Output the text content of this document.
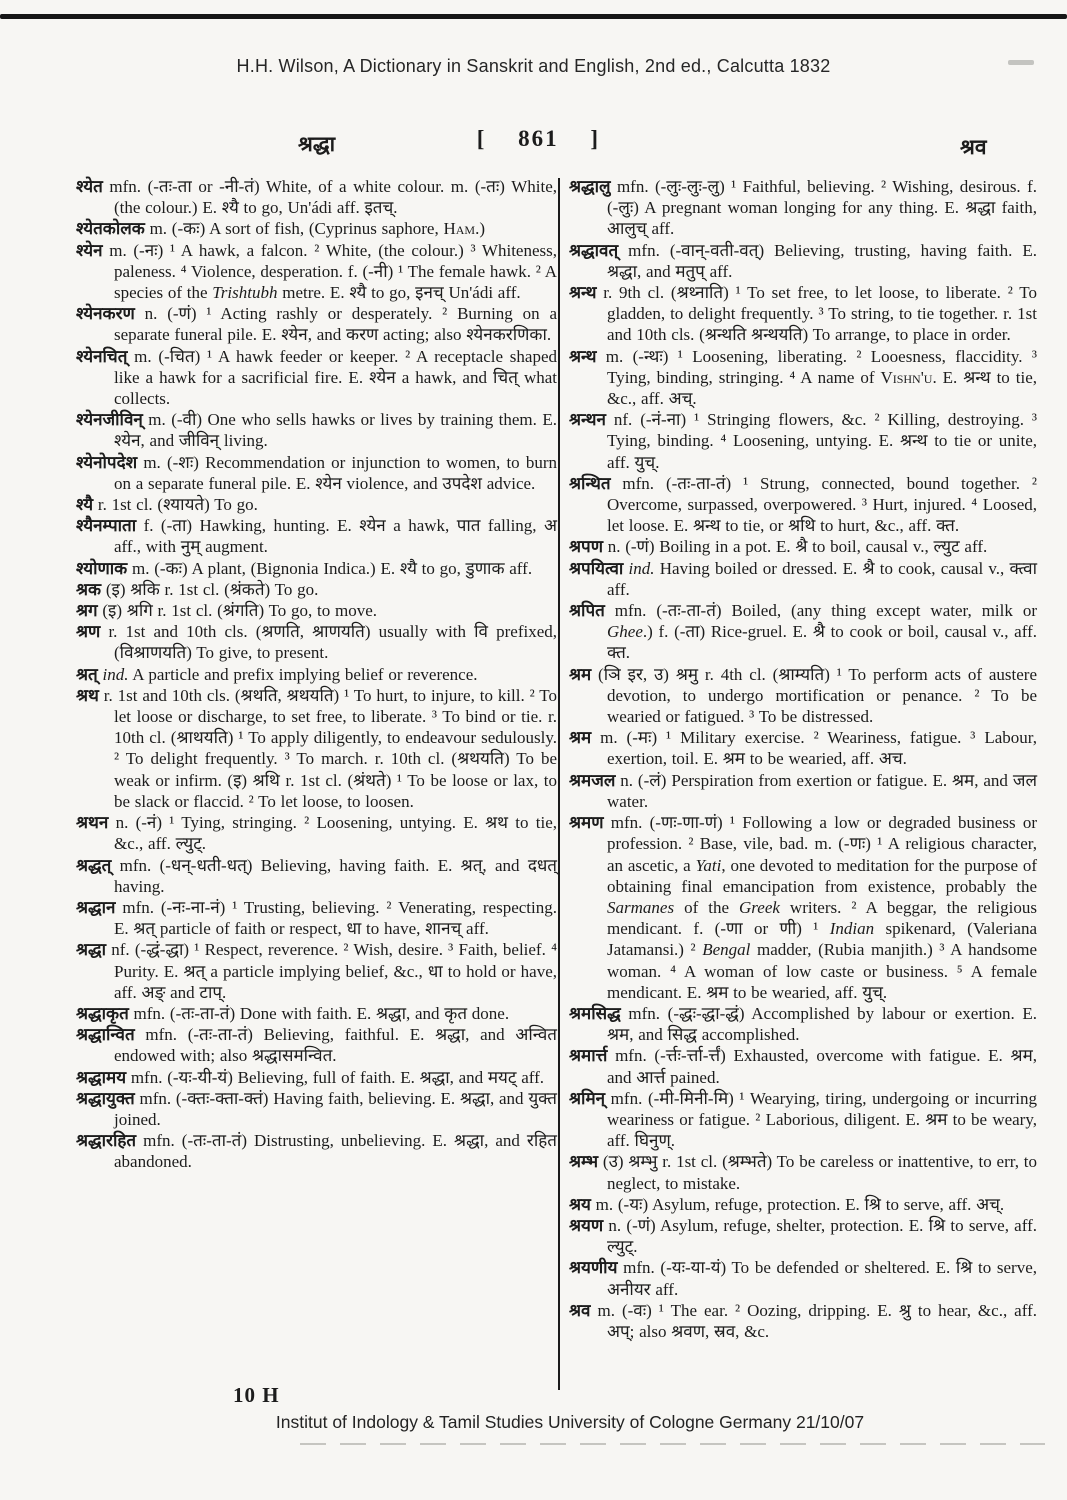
H.H. Wilson, A Dictionary in Sanskrit and English, 2nd ed., Calcutta 1832
श्रद्धा	[ 861 ]	श्रव

श्येत mfn. (-तः-ता or -नी-तं) White, of a white colour. m. (-तः) White, (the colour.) E. श्यै to go, Un'ádi aff. इतच्.

श्येतकोलक m. (-कः) A sort of fish, (Cyprinus saphore, Ham.)

श्येन m. (-नः) ¹ A hawk, a falcon. ² White, (the colour.) ³ Whiteness, paleness. ⁴ Violence, desperation. f. (-नी) ¹ The female hawk. ² A species of the Trishtubh metre. E. श्यै to go, इनच् Un'ádi aff.

श्येनकरण n. (-णं) ¹ Acting rashly or desperately. ² Burning on a separate funeral pile. E. श्येन, and करण acting; also श्येनकरणिका.

श्येनचित् m. (-चित) ¹ A hawk feeder or keeper. ² A receptacle shaped like a hawk for a sacrificial fire. E. श्येन a hawk, and चित् what collects.

श्येनजीविन् m. (-वी) One who sells hawks or lives by training them. E. श्येन, and जीविन् living.

श्येनोपदेश m. (-शः) Recommendation or injunction to women, to burn on a separate funeral pile. E. श्येन violence, and उपदेश advice.

श्यै r. 1st cl. (श्यायते) To go.

श्यैनम्पाता f. (-ता) Hawking, hunting. E. श्येन a hawk, पात falling, अ aff., with नुम् augment.

श्योणाक m. (-कः) A plant, (Bignonia Indica.) E. श्यै to go, डुणाक aff.

श्रक (इ) श्रकि r. 1st cl. (श्रंकते) To go.

श्रग (इ) श्रगि r. 1st cl. (श्रंगति) To go, to move.

श्रण r. 1st and 10th cls. (श्रणति, श्राणयति) usually with वि prefixed, (विश्राणयति) To give, to present.

श्रत् ind. A particle and prefix implying belief or reverence.

श्रथ r. 1st and 10th cls. (श्रथति, श्रथयति) ¹ To hurt, to injure, to kill. ² To let loose or discharge, to set free, to liberate. ³ To bind or tie. r. 10th cl. (श्राथयति) ¹ To apply diligently, to endeavour sedulously. ² To delight frequently. ³ To march. r. 10th cl. (श्रथयति) To be weak or infirm. (इ) श्रथि r. 1st cl. (श्रंथते) ¹ To be loose or lax, to be slack or flaccid. ² To let loose, to loosen.

श्रथन n. (-नं) ¹ Tying, stringing. ² Loosening, untying. E. श्रथ to tie, &c., aff. ल्युट्.

श्रद्धत् mfn. (-धन्-धती-धत्) Believing, having faith. E. श्रत्, and दधत् having.

श्रद्धान mfn. (-नः-ना-नं) ¹ Trusting, believing. ² Venerating, respecting. E. श्रत् particle of faith or respect, धा to have, शानच् aff.

श्रद्धा nf. (-द्धं-द्धा) ¹ Respect, reverence. ² Wish, desire. ³ Faith, belief. ⁴ Purity. E. श्रत् a particle implying belief, &c., धा to hold or have, aff. अङ् and टाप्.

श्रद्धाकृत mfn. (-तः-ता-तं) Done with faith. E. श्रद्धा, and कृत done.

श्रद्धान्वित mfn. (-तः-ता-तं) Believing, faithful. E. श्रद्धा, and अन्वित endowed with; also श्रद्धासमन्वित.

श्रद्धामय mfn. (-यः-यी-यं) Believing, full of faith. E. श्रद्धा, and मयट् aff.

श्रद्धायुक्त mfn. (-क्तः-क्ता-क्तं) Having faith, believing. E. श्रद्धा, and युक्त joined.

श्रद्धारहित mfn. (-तः-ता-तं) Distrusting, unbelieving. E. श्रद्धा, and रहित abandoned.

श्रद्धालु mfn. (-लुः-लुः-लु) ¹ Faithful, believing. ² Wishing, desirous. f. (-लुः) A pregnant woman longing for any thing. E. श्रद्धा faith, आलुच् aff.

श्रद्धावत् mfn. (-वान्-वती-वत्) Believing, trusting, having faith. E. श्रद्धा, and मतुप् aff.

श्रन्थ r. 9th cl. (श्रथ्नाति) ¹ To set free, to let loose, to liberate. ² To gladden, to delight frequently. ³ To string, to tie together. r. 1st and 10th cls. (श्रन्थति श्रन्थयति) To arrange, to place in order.

श्रन्थ m. (-न्थः) ¹ Loosening, liberating. ² Looesness, flaccidity. ³ Tying, binding, stringing. ⁴ A name of Vishn'u. E. श्रन्थ to tie, &c., aff. अच्.

श्रन्थन nf. (-नं-ना) ¹ Stringing flowers, &c. ² Killing, destroying. ³ Tying, binding. ⁴ Loosening, untying. E. श्रन्थ to tie or unite, aff. युच्.

श्रन्थित mfn. (-तः-ता-तं) ¹ Strung, connected, bound together. ² Overcome, surpassed, overpowered. ³ Hurt, injured. ⁴ Loosed, let loose. E. श्रन्थ to tie, or श्रथि to hurt, &c., aff. क्त.

श्रपण n. (-णं) Boiling in a pot. E. श्रै to boil, causal v., ल्युट aff.

श्रपयित्वा ind. Having boiled or dressed. E. श्रै to cook, causal v., क्त्वा aff.

श्रपित mfn. (-तः-ता-तं) Boiled, (any thing except water, milk or Ghee.) f. (-ता) Rice-gruel. E. श्रै to cook or boil, causal v., aff. क्त.

श्रम (ञि इर, उ) श्रमु r. 4th cl. (श्राम्यति) ¹ To perform acts of austere devotion, to undergo mortification or penance. ² To be wearied or fatigued. ³ To be distressed.

श्रम m. (-मः) ¹ Military exercise. ² Weariness, fatigue. ³ Labour, exertion, toil. E. श्रम to be wearied, aff. अच.

श्रमजल n. (-लं) Perspiration from exertion or fatigue. E. श्रम, and जल water.

श्रमण mfn. (-णः-णा-णं) ¹ Following a low or degraded business or profession. ² Base, vile, bad. m. (-णः) ¹ A religious character, an ascetic, a Yati, one devoted to meditation for the purpose of obtaining final emancipation from existence, probably the Sarmanes of the Greek writers. ² A beggar, the religious mendicant. f. (-णा or णी) ¹ Indian spikenard, (Valeriana Jatamansi.) ² Bengal madder, (Rubia manjith.) ³ A handsome woman. ⁴ A woman of low caste or business. ⁵ A female mendicant. E. श्रम to be wearied, aff. युच्.

श्रमसिद्ध mfn. (-द्धः-द्धा-द्धं) Accomplished by labour or exertion. E. श्रम, and सिद्ध accomplished.

श्रमार्त्त mfn. (-र्त्तः-र्त्ता-र्त्तं) Exhausted, overcome with fatigue. E. श्रम, and आर्त्त pained.

श्रमिन् mfn. (-मी-मिनी-मि) ¹ Wearying, tiring, undergoing or incurring weariness or fatigue. ² Laborious, diligent. E. श्रम to be weary, aff. घिनुण्.

श्रम्भ (उ) श्रम्भु r. 1st cl. (श्रम्भते) To be careless or inattentive, to err, to neglect, to mistake.

श्रय m. (-यः) Asylum, refuge, protection. E. श्रि to serve, aff. अच्.

श्रयण n. (-णं) Asylum, refuge, shelter, protection. E. श्रि to serve, aff. ल्युट्.

श्रयणीय mfn. (-यः-या-यं) To be defended or sheltered. E. श्रि to serve, अनीयर aff.

श्रव m. (-वः) ¹ The ear. ² Oozing, dripping. E. श्रु to hear, &c., aff. अप्; also श्रवण, स्रव, &c.

10 H
Institut of Indology & Tamil Studies University of Cologne Germany 21/10/07
